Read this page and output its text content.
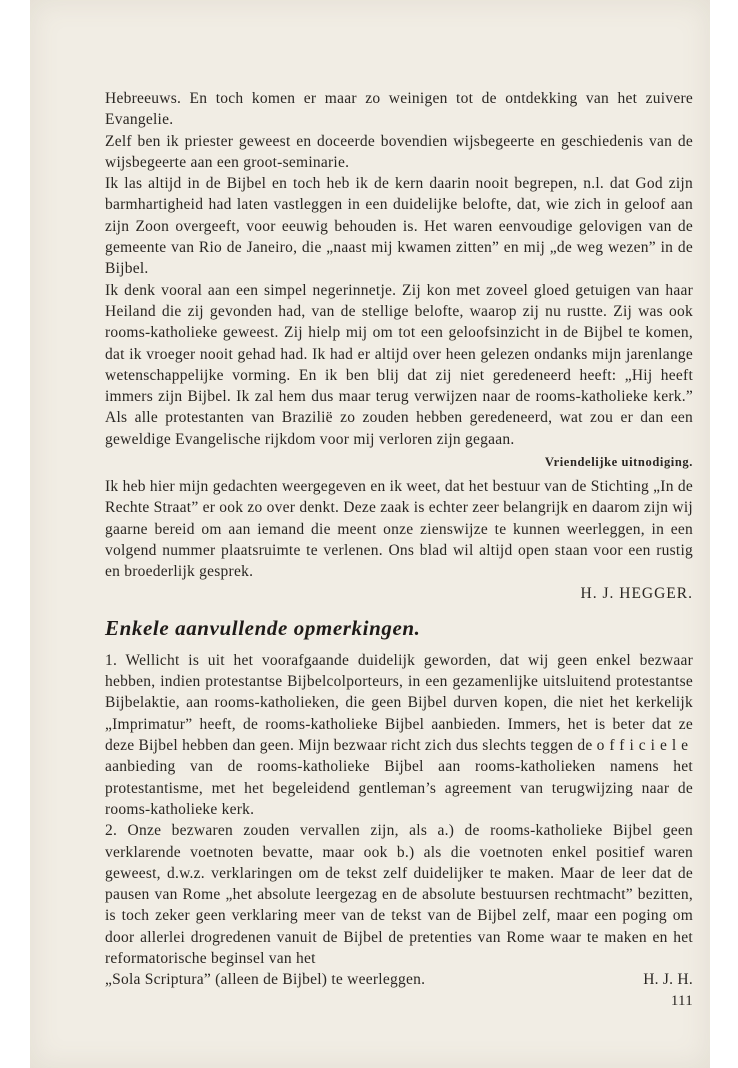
Hebreeuws. En toch komen er maar zo weinigen tot de ontdekking van het zuivere Evangelie.

Zelf ben ik priester geweest en doceerde bovendien wijsbegeerte en geschiedenis van de wijsbegeerte aan een groot-seminarie.

Ik las altijd in de Bijbel en toch heb ik de kern daarin nooit begrepen, n.l. dat God zijn barmhartigheid had laten vastleggen in een duidelijke belofte, dat, wie zich in geloof aan zijn Zoon overgeeft, voor eeuwig behouden is. Het waren eenvoudige gelovigen van de gemeente van Rio de Janeiro, die „naast mij kwamen zitten” en mij „de weg wezen” in de Bijbel.

Ik denk vooral aan een simpel negerinnetje. Zij kon met zoveel gloed getuigen van haar Heiland die zij gevonden had, van de stellige belofte, waarop zij nu rustte. Zij was ook rooms-katholieke geweest. Zij hielp mij om tot een geloofsinzicht in de Bijbel te komen, dat ik vroeger nooit gehad had. Ik had er altijd over heen gelezen ondanks mijn jarenlange wetenschappelijke vorming. En ik ben blij dat zij niet geredeneerd heeft: „Hij heeft immers zijn Bijbel. Ik zal hem dus maar terug verwijzen naar de rooms-katholieke kerk.” Als alle protestanten van Brazilië zo zouden hebben geredeneerd, wat zou er dan een geweldige Evangelische rijkdom voor mij verloren zijn gegaan.

Vriendelijke uitnodiging.

Ik heb hier mijn gedachten weergegeven en ik weet, dat het bestuur van de Stichting „In de Rechte Straat” er ook zo over denkt. Deze zaak is echter zeer belangrijk en daarom zijn wij gaarne bereid om aan iemand die meent onze zienswijze te kunnen weerleggen, in een volgend nummer plaatsruimte te verlenen. Ons blad wil altijd open staan voor een rustig en broederlijk gesprek.

H. J. HEGGER.
Enkele aanvullende opmerkingen.

1. Wellicht is uit het voorafgaande duidelijk geworden, dat wij geen enkel bezwaar hebben, indien protestantse Bijbelcolporteurs, in een gezamenlijke uitsluitend protestantse Bijbelaktie, aan rooms-katholieken, die geen Bijbel durven kopen, die niet het kerkelijk „Imprimatur” heeft, de rooms-katholieke Bijbel aanbieden. Immers, het is beter dat ze deze Bijbel hebben dan geen. Mijn bezwaar richt zich dus slechts teggen de officiele aanbieding van de rooms-katholieke Bijbel aan rooms-katholieken namens het protestantisme, met het begeleidend gentleman’s agreement van terugwijzing naar de rooms-katholieke kerk.

2. Onze bezwaren zouden vervallen zijn, als a.) de rooms-katholieke Bijbel geen verklarende voetnoten bevatte, maar ook b.) als die voetnoten enkel positief waren geweest, d.w.z. verklaringen om de tekst zelf duidelijker te maken. Maar de leer dat de pausen van Rome „het absolute leergezag en de absolute bestuursen rechtmacht” bezitten, is toch zeker geen verklaring meer van de tekst van de Bijbel zelf, maar een poging om door allerlei drogredenen vanuit de Bijbel de pretenties van Rome waar te maken en het reformatorische beginsel van het

„Sola Scriptura” (alleen de Bijbel) te weerleggen.	H. J. H.
111
